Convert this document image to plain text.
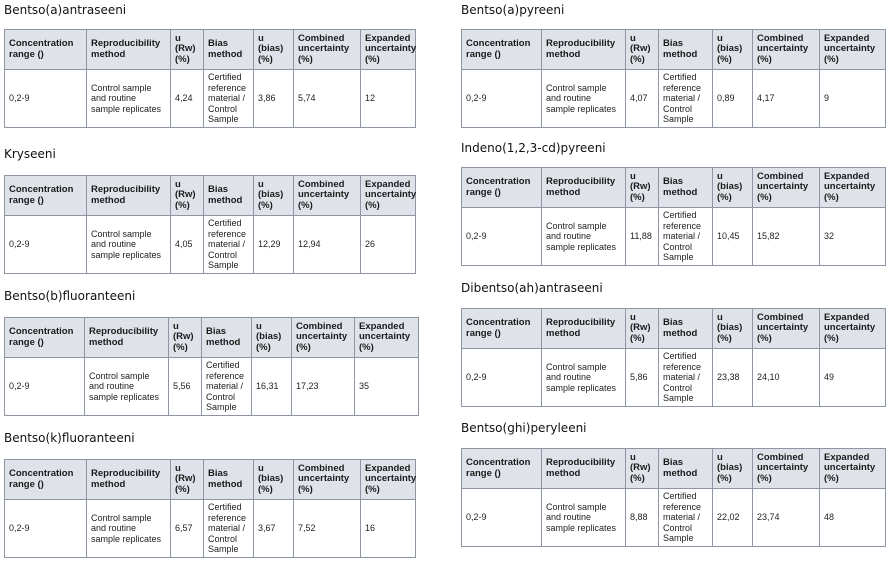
Bentso(a)antraseeni
Concentration range ()	Reproducibility method	u (Rw) (%)	Bias method	u (bias) (%)	Combined uncertainty (%)	Expanded uncertainty (%)
0,2-9	Control sample and routine sample replicates	4,24	Certified reference material / Control Sample	3,86	5,74	12
Kryseeni
Concentration range ()	Reproducibility method	u (Rw) (%)	Bias method	u (bias) (%)	Combined uncertainty (%)	Expanded uncertainty (%)
0,2-9	Control sample and routine sample replicates	4,05	Certified reference material / Control Sample	12,29	12,94	26
Bentso(b)fluoranteeni
Concentration range ()	Reproducibility method	u (Rw) (%)	Bias method	u (bias) (%)	Combined uncertainty (%)	Expanded uncertainty (%)
0,2-9	Control sample and routine sample replicates	5,56	Certified reference material / Control Sample	16,31	17,23	35
Bentso(k)fluoranteeni
Concentration range ()	Reproducibility method	u (Rw) (%)	Bias method	u (bias) (%)	Combined uncertainty (%)	Expanded uncertainty (%)
0,2-9	Control sample and routine sample replicates	6,57	Certified reference material / Control Sample	3,67	7,52	16
Bentso(a)pyreeni
Concentration range ()	Reproducibility method	u (Rw) (%)	Bias method	u (bias) (%)	Combined uncertainty (%)	Expanded uncertainty (%)
0,2-9	Control sample and routine sample replicates	4,07	Certified reference material / Control Sample	0,89	4,17	9
Indeno(1,2,3-cd)pyreeni
Concentration range ()	Reproducibility method	u (Rw) (%)	Bias method	u (bias) (%)	Combined uncertainty (%)	Expanded uncertainty (%)
0,2-9	Control sample and routine sample replicates	11,88	Certified reference material / Control Sample	10,45	15,82	32
Dibentso(ah)antraseeni
Concentration range ()	Reproducibility method	u (Rw) (%)	Bias method	u (bias) (%)	Combined uncertainty (%)	Expanded uncertainty (%)
0,2-9	Control sample and routine sample replicates	5,86	Certified reference material / Control Sample	23,38	24,10	49
Bentso(ghi)peryleeni
Concentration range ()	Reproducibility method	u (Rw) (%)	Bias method	u (bias) (%)	Combined uncertainty (%)	Expanded uncertainty (%)
0,2-9	Control sample and routine sample replicates	8,88	Certified reference material / Control Sample	22,02	23,74	48
